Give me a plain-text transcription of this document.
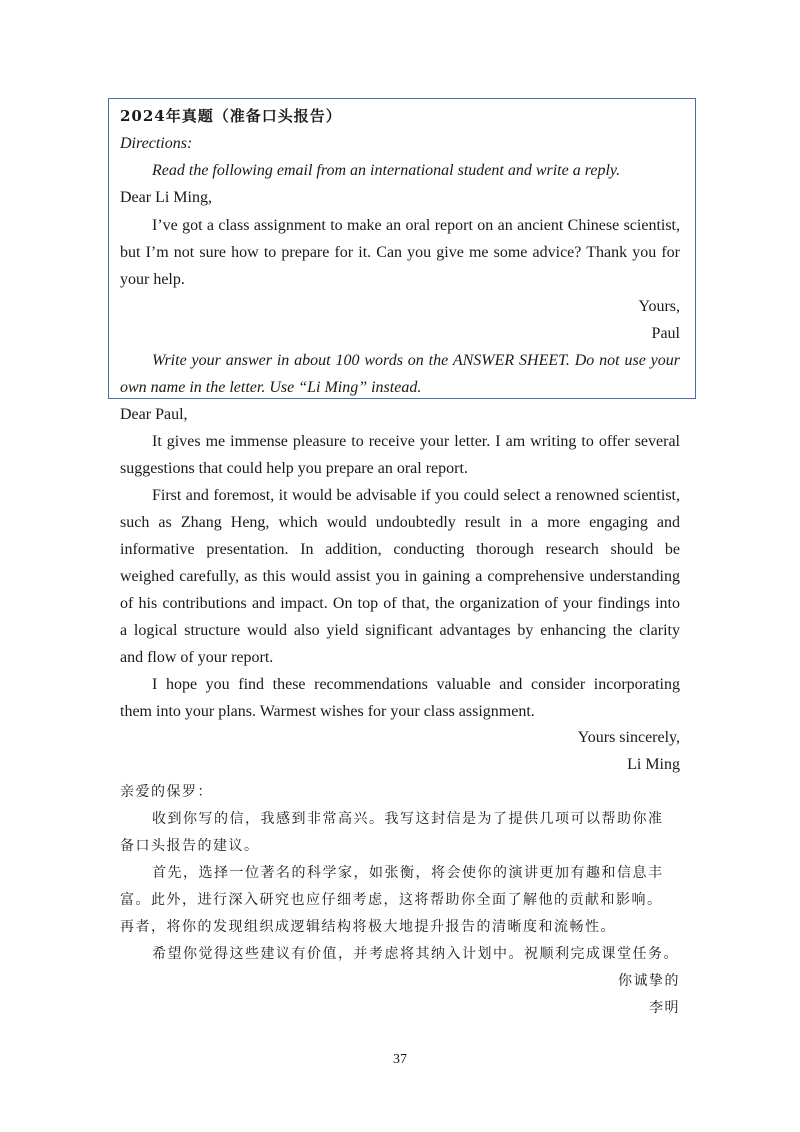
2024年真题（准备口头报告）

Directions:

Read the following email from an international student and write a reply.

Dear Li Ming,

I’ve got a class assignment to make an oral report on an ancient Chinese scientist,

but I’m not sure how to prepare for it. Can you give me some advice? Thank you for

your help.

Yours,

Paul

Write your answer in about 100 words on the ANSWER SHEET. Do not use your

own name in the letter. Use “Li Ming” instead.

Dear Paul,

It gives me immense pleasure to receive your letter. I am writing to offer several

suggestions that could help you prepare an oral report.

First and foremost, it would be advisable if you could select a renowned scientist,

such as Zhang Heng, which would undoubtedly result in a more engaging and

informative presentation. In addition, conducting thorough research should be

weighed carefully, as this would assist you in gaining a comprehensive understanding

of his contributions and impact. On top of that, the organization of your findings into

a logical structure would also yield significant advantages by enhancing the clarity

and flow of your report.

I hope you find these recommendations valuable and consider incorporating

them into your plans. Warmest wishes for your class assignment.

Yours sincerely,

Li Ming

亲爱的保罗：

收到你写的信，我感到非常高兴。我写这封信是为了提供几项可以帮助你准

备口头报告的建议。

首先，选择一位著名的科学家，如张衡，将会使你的演讲更加有趣和信息丰

富。此外，进行深入研究也应仔细考虑，这将帮助你全面了解他的贡献和影响。

再者，将你的发现组织成逻辑结构将极大地提升报告的清晰度和流畅性。

希望你觉得这些建议有价值，并考虑将其纳入计划中。祝顺利完成课堂任务。

你诚挚的

李明

37
